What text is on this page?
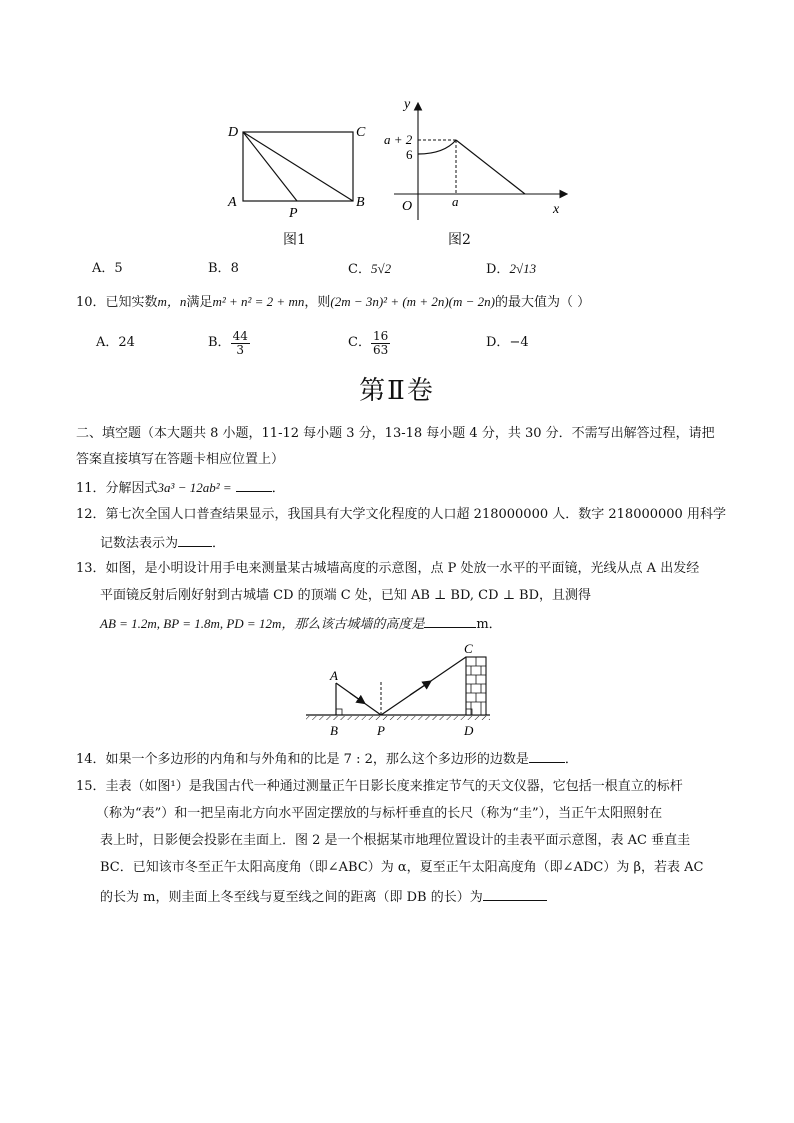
D	C
A	B
P
图1
y
x
O
a + 2
6
a
图2
A．5	B．8	C．5√2	D．2√13
10．已知实数m，n满足m² + n² = 2 + mn，则(2m − 3n)² + (m + 2n)(m − 2n)的最大值为（ ）
A．24	B． $\frac{44}{3}$	C． $\frac{16}{63}$	D．−4
第Ⅱ卷
二、填空题（本大题共 8 小题，11-12 每小题 3 分，13-18 每小题 4 分，共 30 分．不需写出解答过程，请把
答案直接填写在答题卡相应位置上）
11．分解因式3a³ − 12ab² =	．
12．第七次全国人口普查结果显示，我国具有大学文化程度的人口超 218000000 人．数字 218000000 用科学
记数法表示为	．
13．如图，是小明设计用手电来测量某古城墙高度的示意图，点 P 处放一水平的平面镜，光线从点 A 出发经
平面镜反射后刚好射到古城墙 CD 的顶端 C 处，已知 AB ⊥ BD, CD ⊥ BD，且测得
AB = 1.2m, BP = 1.8m, PD = 12m，那么该古城墙的高度是	m．
A
B	P
C
D
14．如果一个多边形的内角和与外角和的比是 7 : 2，那么这个多边形的边数是	．
15．圭表（如图¹）是我国古代一种通过测量正午日影长度来推定节气的天文仪器，它包括一根直立的标杆
（称为“表”）和一把呈南北方向水平固定摆放的与标杆垂直的长尺（称为“圭”），当正午太阳照射在
表上时，日影便会投影在圭面上．图 2 是一个根据某市地理位置设计的圭表平面示意图，表 AC 垂直圭
BC．已知该市冬至正午太阳高度角（即∠ABC）为 α，夏至正午太阳高度角（即∠ADC）为 β，若表 AC
的长为 m，则圭面上冬至线与夏至线之间的距离（即 DB 的长）为
